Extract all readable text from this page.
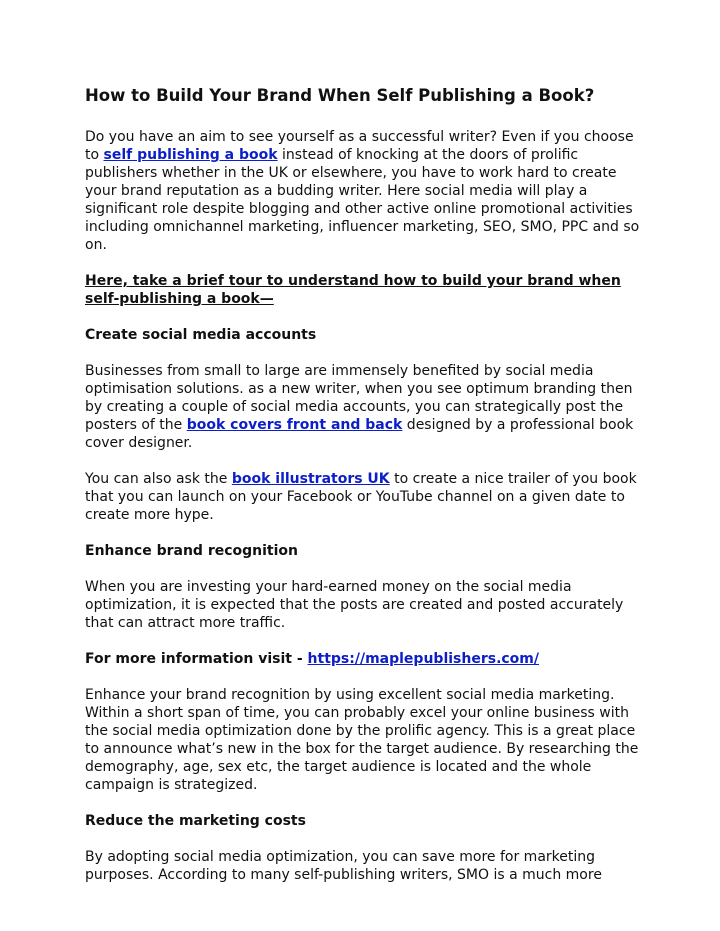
How to Build Your Brand When Self Publishing a Book?

Do you have an aim to see yourself as a successful writer? Even if you choose to self publishing a book instead of knocking at the doors of prolific publishers whether in the UK or elsewhere, you have to work hard to create your brand reputation as a budding writer. Here social media will play a significant role despite blogging and other active online promotional activities including omnichannel marketing, influencer marketing, SEO, SMO, PPC and so on.

Here, take a brief tour to understand how to build your brand when self-publishing a book—

Create social media accounts

Businesses from small to large are immensely benefited by social media optimisation solutions. as a new writer, when you see optimum branding then by creating a couple of social media accounts, you can strategically post the posters of the book covers front and back designed by a professional book cover designer.

You can also ask the book illustrators UK to create a nice trailer of you book that you can launch on your Facebook or YouTube channel on a given date to create more hype.

Enhance brand recognition

When you are investing your hard-earned money on the social media optimization, it is expected that the posts are created and posted accurately that can attract more traffic.

For more information visit - https://maplepublishers.com/

Enhance your brand recognition by using excellent social media marketing. Within a short span of time, you can probably excel your online business with the social media optimization done by the prolific agency. This is a great place to announce what’s new in the box for the target audience. By researching the demography, age, sex etc, the target audience is located and the whole campaign is strategized.

Reduce the marketing costs

By adopting social media optimization, you can save more for marketing purposes. According to many self-publishing writers, SMO is a much more
